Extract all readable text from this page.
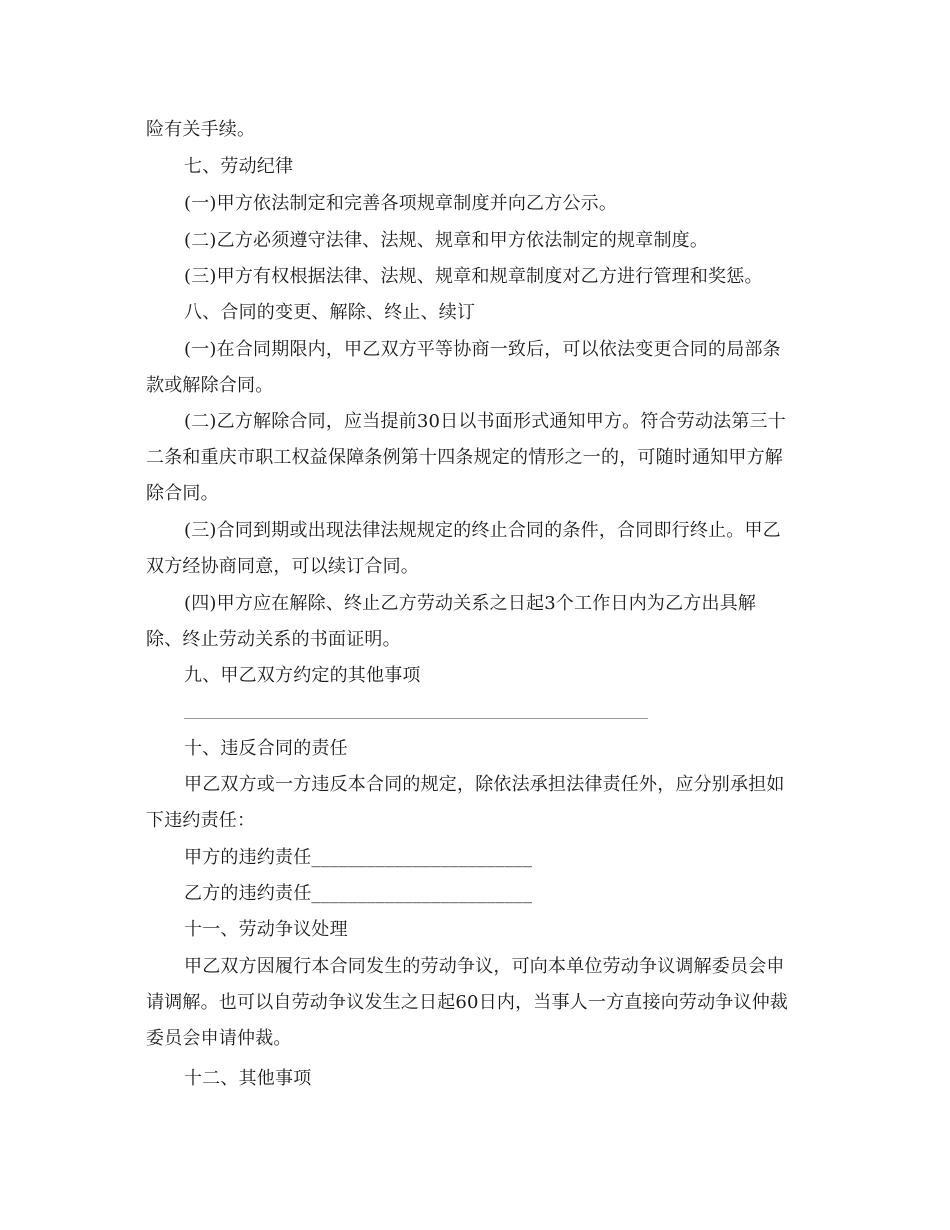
险有关手续。
七、劳动纪律
(一)甲方依法制定和完善各项规章制度并向乙方公示。
(二)乙方必须遵守法律、法规、规章和甲方依法制定的规章制度。
(三)甲方有权根据法律、法规、规章和规章制度对乙方进行管理和奖惩。
八、合同的变更、解除、终止、续订
(一)在合同期限内，甲乙双方平等协商一致后，可以依法变更合同的局部条
款或解除合同。
(二)乙方解除合同，应当提前30日以书面形式通知甲方。符合劳动法第三十
二条和重庆市职工权益保障条例第十四条规定的情形之一的，可随时通知甲方解
除合同。
(三)合同到期或出现法律法规规定的终止合同的条件，合同即行终止。甲乙
双方经协商同意，可以续订合同。
(四)甲方应在解除、终止乙方劳动关系之日起3个工作日内为乙方出具解
除、终止劳动关系的书面证明。
九、甲乙双方约定的其他事项
十、违反合同的责任
甲乙双方或一方违反本合同的规定，除依法承担法律责任外，应分别承担如
下违约责任：
甲方的违约责任________________________
乙方的违约责任________________________
十一、劳动争议处理
甲乙双方因履行本合同发生的劳动争议，可向本单位劳动争议调解委员会申
请调解。也可以自劳动争议发生之日起60日内，当事人一方直接向劳动争议仲裁
委员会申请仲裁。
十二、其他事项
